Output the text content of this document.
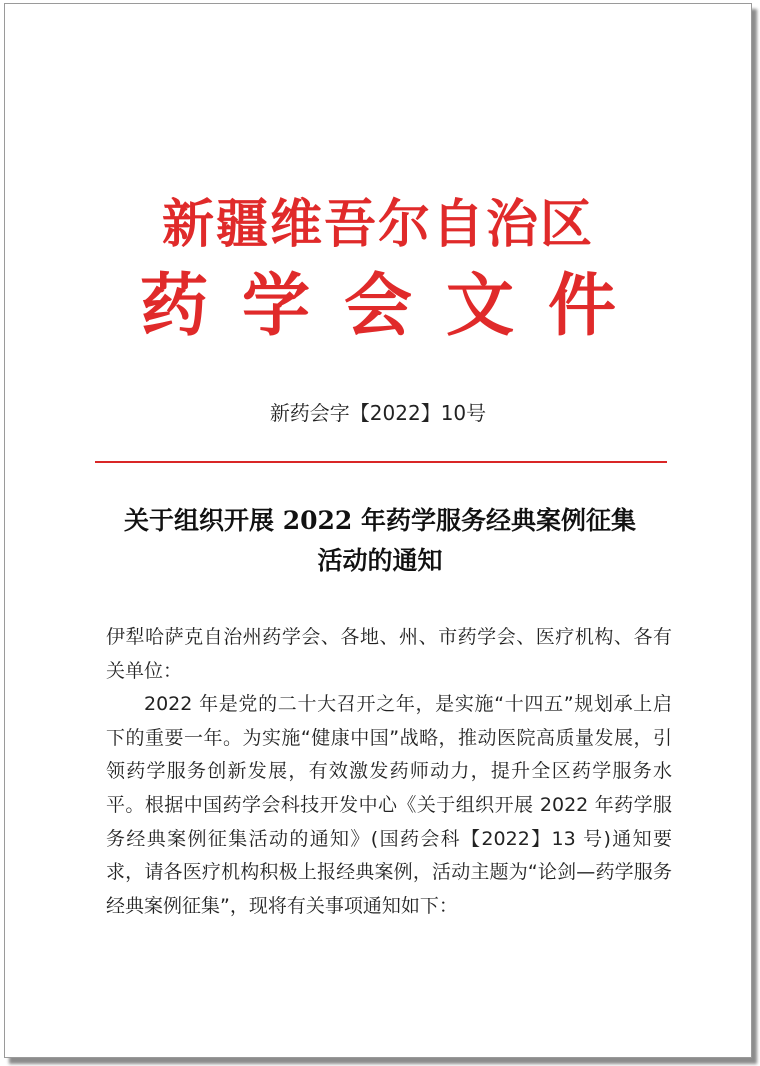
新疆维吾尔自治区
药学会文件
新药会字【2022】10号
关于组织开展 2022 年药学服务经典案例征集
活动的通知

伊犁哈萨克自治州药学会、各地、州、市药学会、医疗机构、各有关单位：

2022 年是党的二十大召开之年，是实施“十四五”规划承上启下的重要一年。为实施“健康中国”战略，推动医院高质量发展，引领药学服务创新发展，有效激发药师动力，提升全区药学服务水平。根据中国药学会科技开发中心《关于组织开展 2022 年药学服务经典案例征集活动的通知》(国药会科【2022】13 号)通知要求，请各医疗机构积极上报经典案例，活动主题为“论剑—药学服务经典案例征集”，现将有关事项通知如下：
